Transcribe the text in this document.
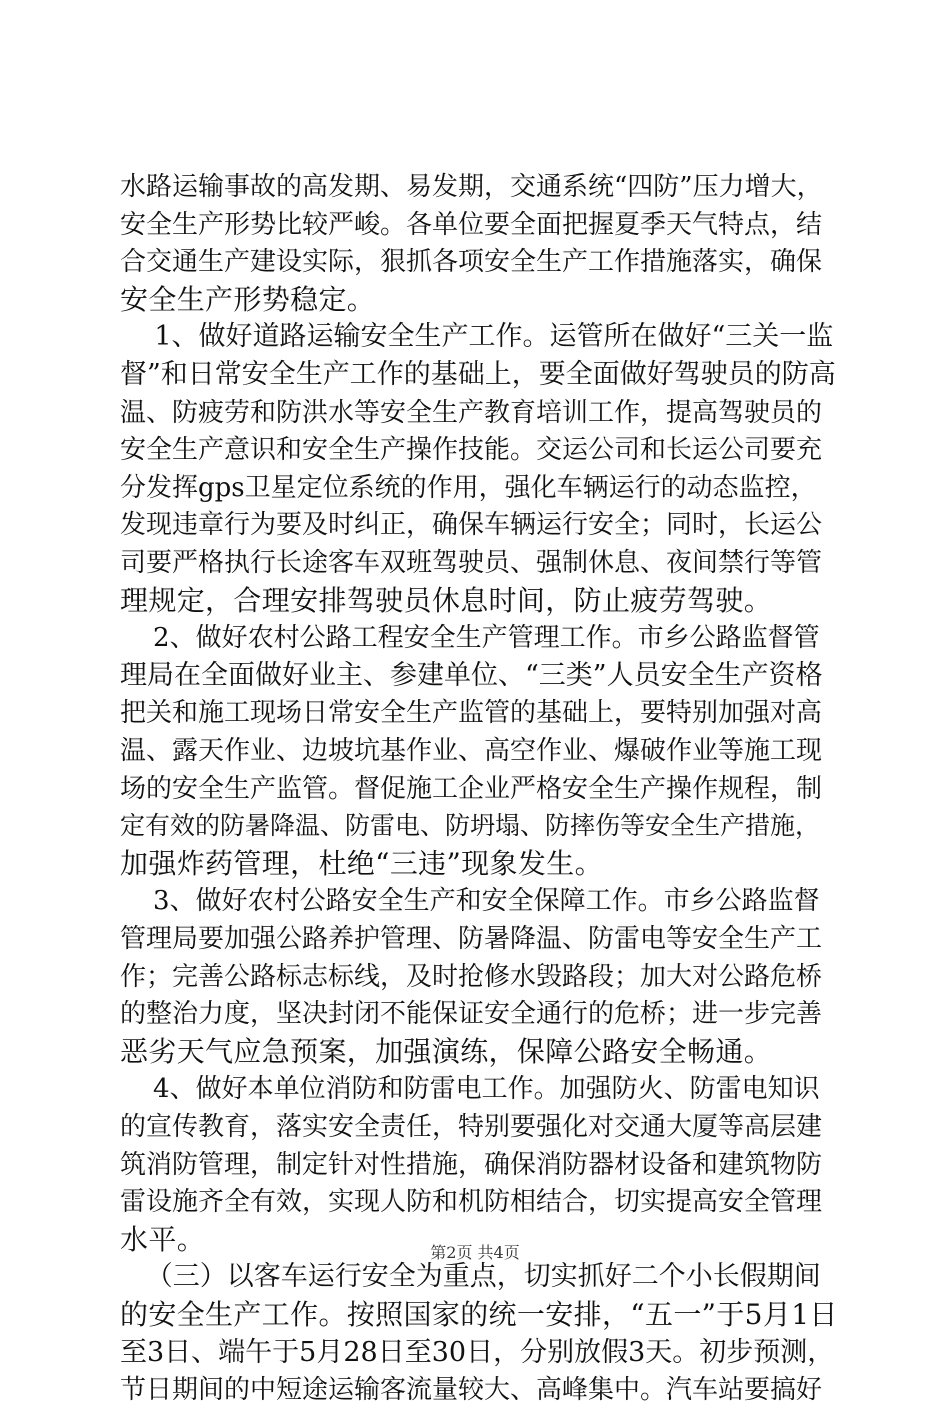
水路运输事故的高发期、易发期，交通系统“四防”压力增大，
安全生产形势比较严峻。各单位要全面把握夏季天气特点，结
合交通生产建设实际，狠抓各项安全生产工作措施落实，确保
安全生产形势稳定。
1、做好道路运输安全生产工作。运管所在做好“三关一监
督”和日常安全生产工作的基础上，要全面做好驾驶员的防高
温、防疲劳和防洪水等安全生产教育培训工作，提高驾驶员的
安全生产意识和安全生产操作技能。交运公司和长运公司要充
分发挥gps卫星定位系统的作用，强化车辆运行的动态监控，
发现违章行为要及时纠正，确保车辆运行安全；同时，长运公
司要严格执行长途客车双班驾驶员、强制休息、夜间禁行等管
理规定，合理安排驾驶员休息时间，防止疲劳驾驶。
2、做好农村公路工程安全生产管理工作。市乡公路监督管
理局在全面做好业主、参建单位、“三类”人员安全生产资格
把关和施工现场日常安全生产监管的基础上，要特别加强对高
温、露天作业、边坡坑基作业、高空作业、爆破作业等施工现
场的安全生产监管。督促施工企业严格安全生产操作规程，制
定有效的防暑降温、防雷电、防坍塌、防摔伤等安全生产措施，
加强炸药管理，杜绝“三违”现象发生。
3、做好农村公路安全生产和安全保障工作。市乡公路监督
管理局要加强公路养护管理、防暑降温、防雷电等安全生产工
作；完善公路标志标线，及时抢修水毁路段；加大对公路危桥
的整治力度，坚决封闭不能保证安全通行的危桥；进一步完善
恶劣天气应急预案，加强演练，保障公路安全畅通。
4、做好本单位消防和防雷电工作。加强防火、防雷电知识
的宣传教育，落实安全责任，特别要强化对交通大厦等高层建
筑消防管理，制定针对性措施，确保消防器材设备和建筑物防
雷设施齐全有效，实现人防和机防相结合，切实提高安全管理
水平。
（三）以客车运行安全为重点，切实抓好二个小长假期间
的安全生产工作。按照国家的统一安排，“五一”于5月1日
至3日、端午于5月28日至30日，分别放假3天。初步预测，
节日期间的中短途运输客流量较大、高峰集中。汽车站要搞好
第2页 共4页
